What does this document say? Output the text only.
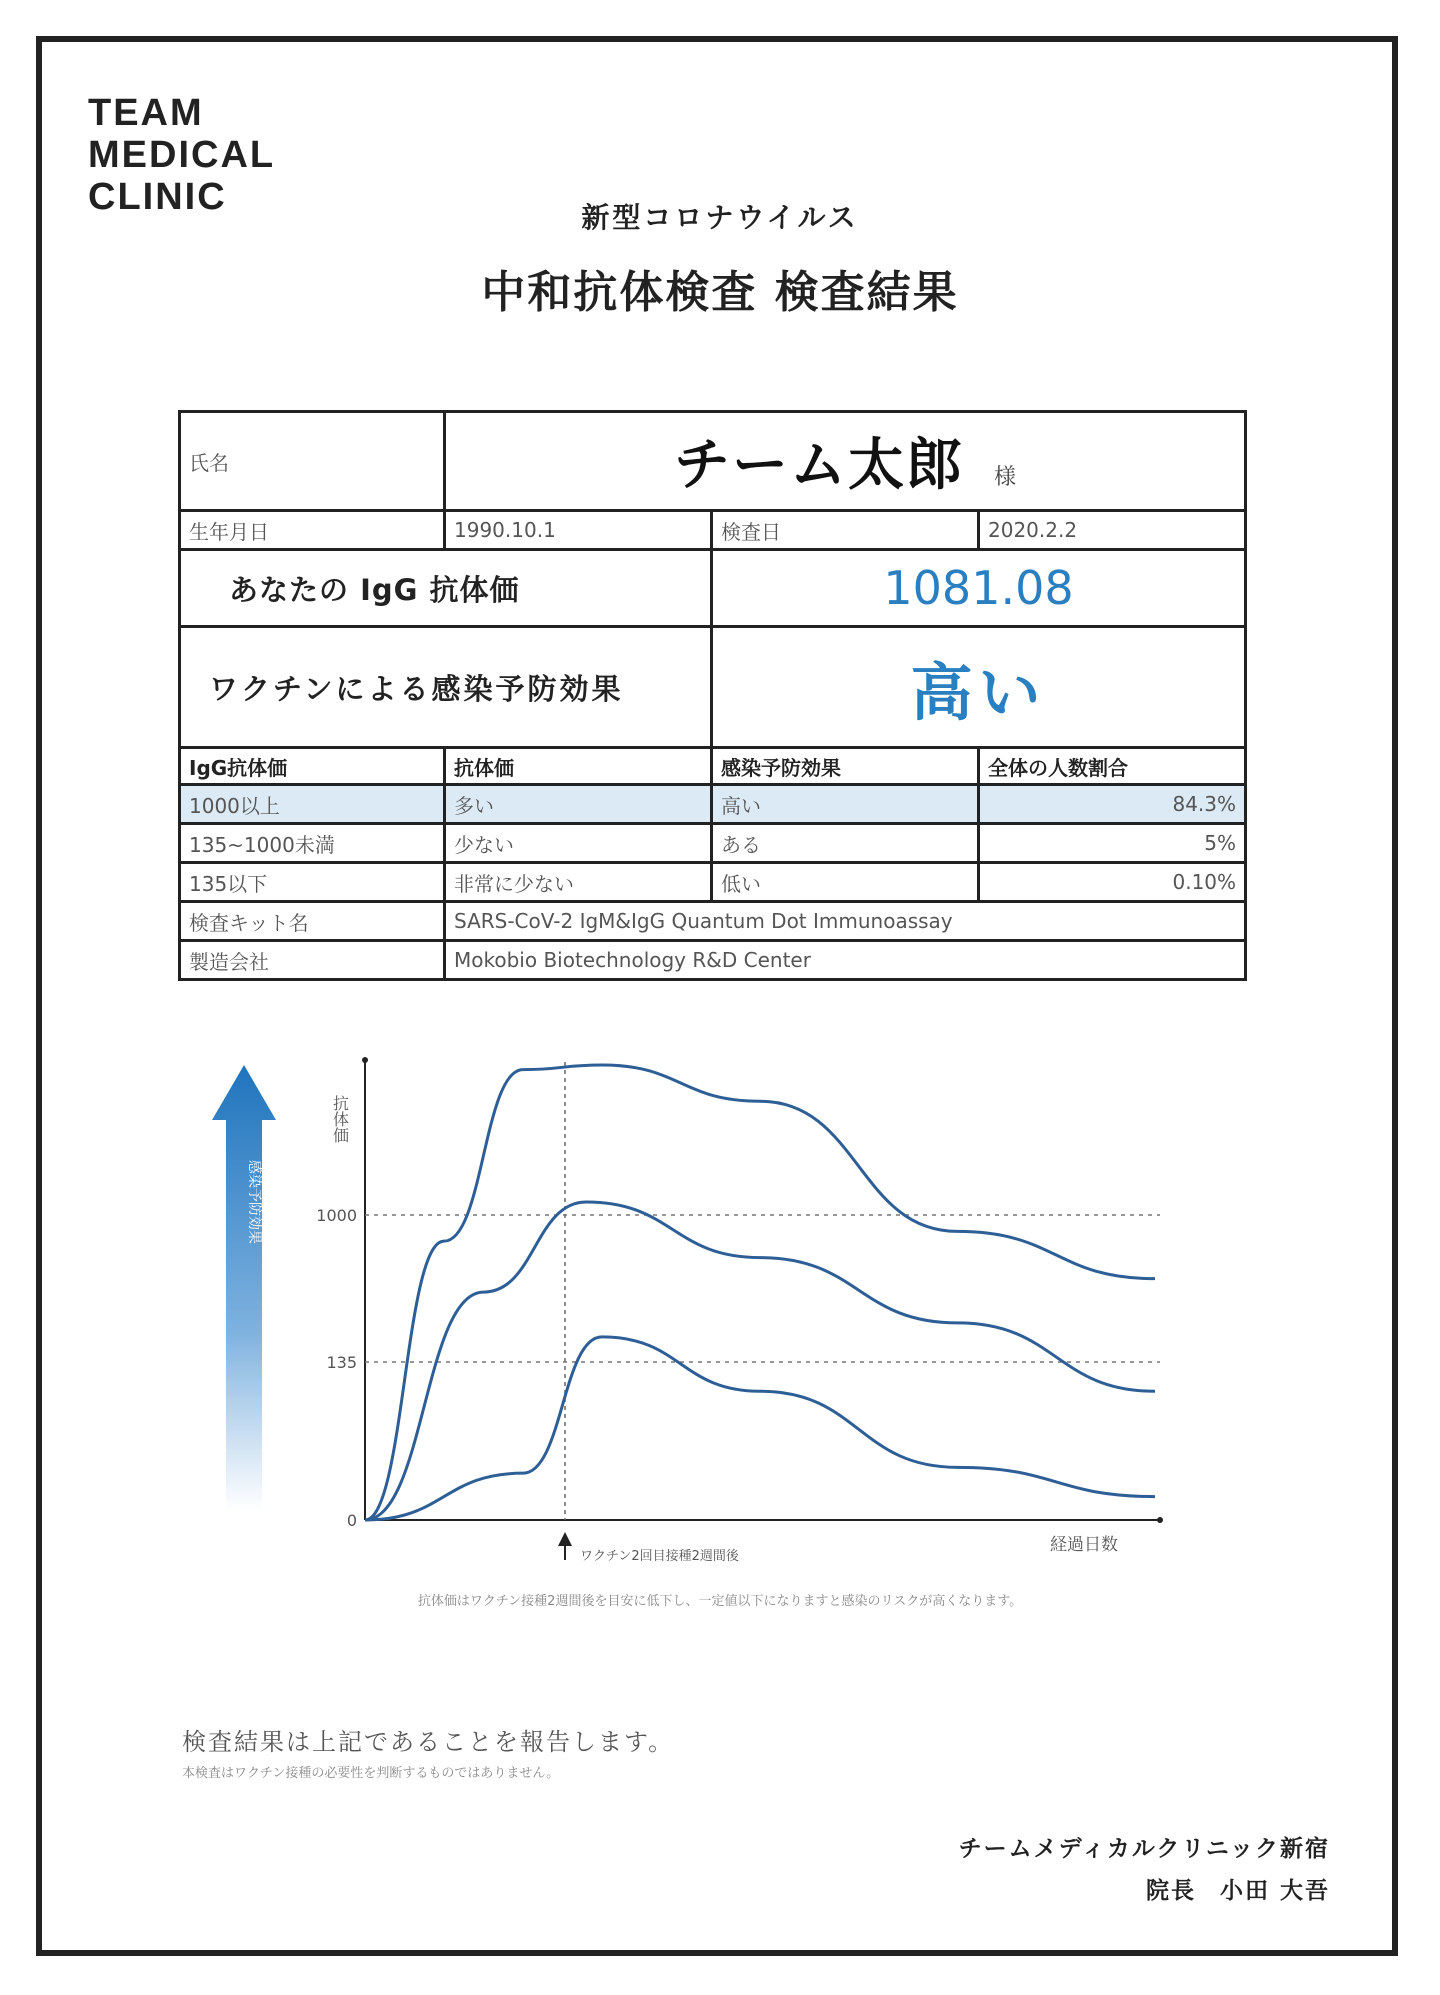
TEAM
MEDICAL
CLINIC	新型コロナウイルス
中和抗体検査 検査結果
氏名	チーム太郎 様		
生年月日	1990.10.1	検査日	2020.2.2
あなたの IgG 抗体価		1081.08	
ワクチンによる感染予防効果		高い	
IgG抗体価	抗体価	感染予防効果	全体の人数割合
1000以上	多い	高い	84.3%
135~1000未満	少ない	ある	5%
135以下	非常に少ない	低い	0.10%
検査キット名	SARS-CoV-2 IgM&IgG Quantum Dot Immunoassay		
製造会社	Mokobio Biotechnology R&D Center		
感染予防効果
抗体価
経過日数
ワクチン2回目接種2週間後
1000
135
0
抗体価はワクチン接種2週間後を目安に低下し、一定値以下になりますと感染のリスクが高くなります。
検査結果は上記であることを報告します。
本検査はワクチン接種の必要性を判断するものではありません。
チームメディカルクリニック新宿
院長 小田 大吾
